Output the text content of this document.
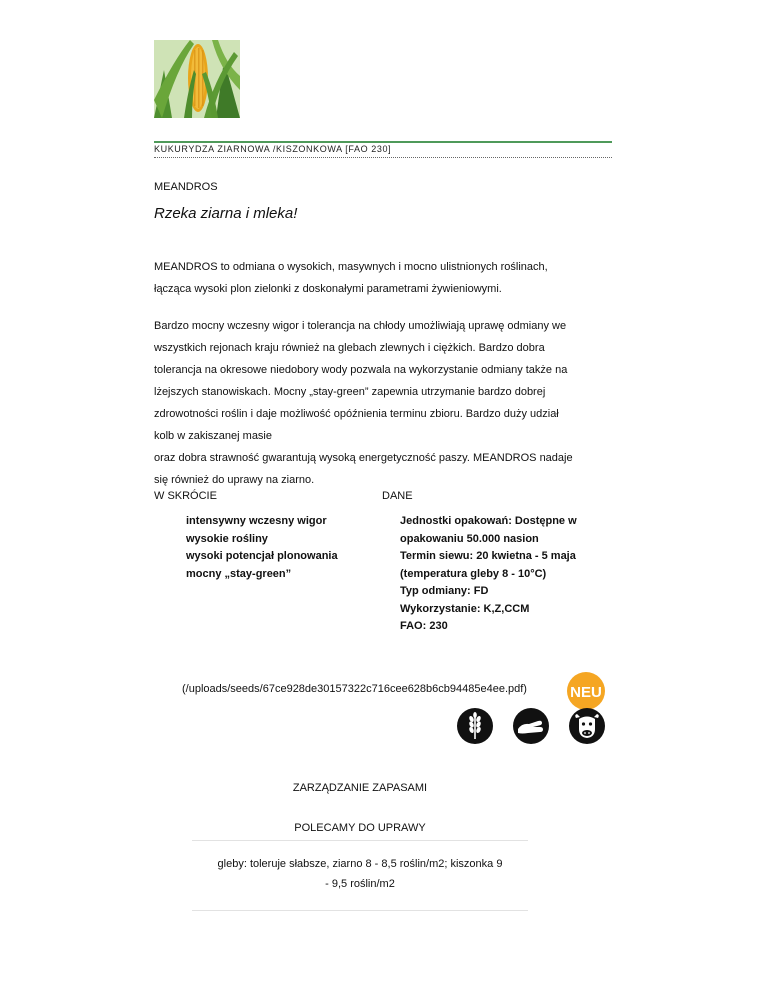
KUKURYDZA ZIARNOWA /KISZONKOWA [FAO 230]
MEANDROS
Rzeka ziarna i mleka!
MEANDROS to odmiana o wysokich, masywnych i mocno ulistnionych roślinach,
łącząca wysoki plon zielonki z doskonałymi parametrami żywieniowymi.
Bardzo mocny wczesny wigor i tolerancja na chłody umożliwiają uprawę odmiany we
wszystkich rejonach kraju również na glebach zlewnych i ciężkich. Bardzo dobra
tolerancja na okresowe niedobory wody pozwala na wykorzystanie odmiany także na
lżejszych stanowiskach. Mocny „stay-green” zapewnia utrzymanie bardzo dobrej
zdrowotności roślin i daje możliwość opóźnienia terminu zbioru. Bardzo duży udział
kolb w zakiszanej masie
oraz dobra strawność gwarantują wysoką energetyczność paszy. MEANDROS nadaje
się również do uprawy na ziarno.
W SKRÓCIE	DANE
intensywny wczesny wigor
wysokie rośliny
wysoki potencjał plonowania
mocny „stay-green”
Jednostki opakowań: Dostępne w
opakowaniu 50.000 nasion
Termin siewu: 20 kwietna - 5 maja
(temperatura gleby 8 - 10°C)
Typ odmiany: FD
Wykorzystanie: K,Z,CCM
FAO: 230
(/uploads/seeds/67ce928de30157322c716cee628b6cb94485e4ee.pdf)	NEU
ZARZĄDZANIE ZAPASAMI
POLECAMY DO UPRAWY
gleby: toleruje słabsze, ziarno 8 - 8,5 roślin/m2; kiszonka 9
- 9,5 roślin/m2
